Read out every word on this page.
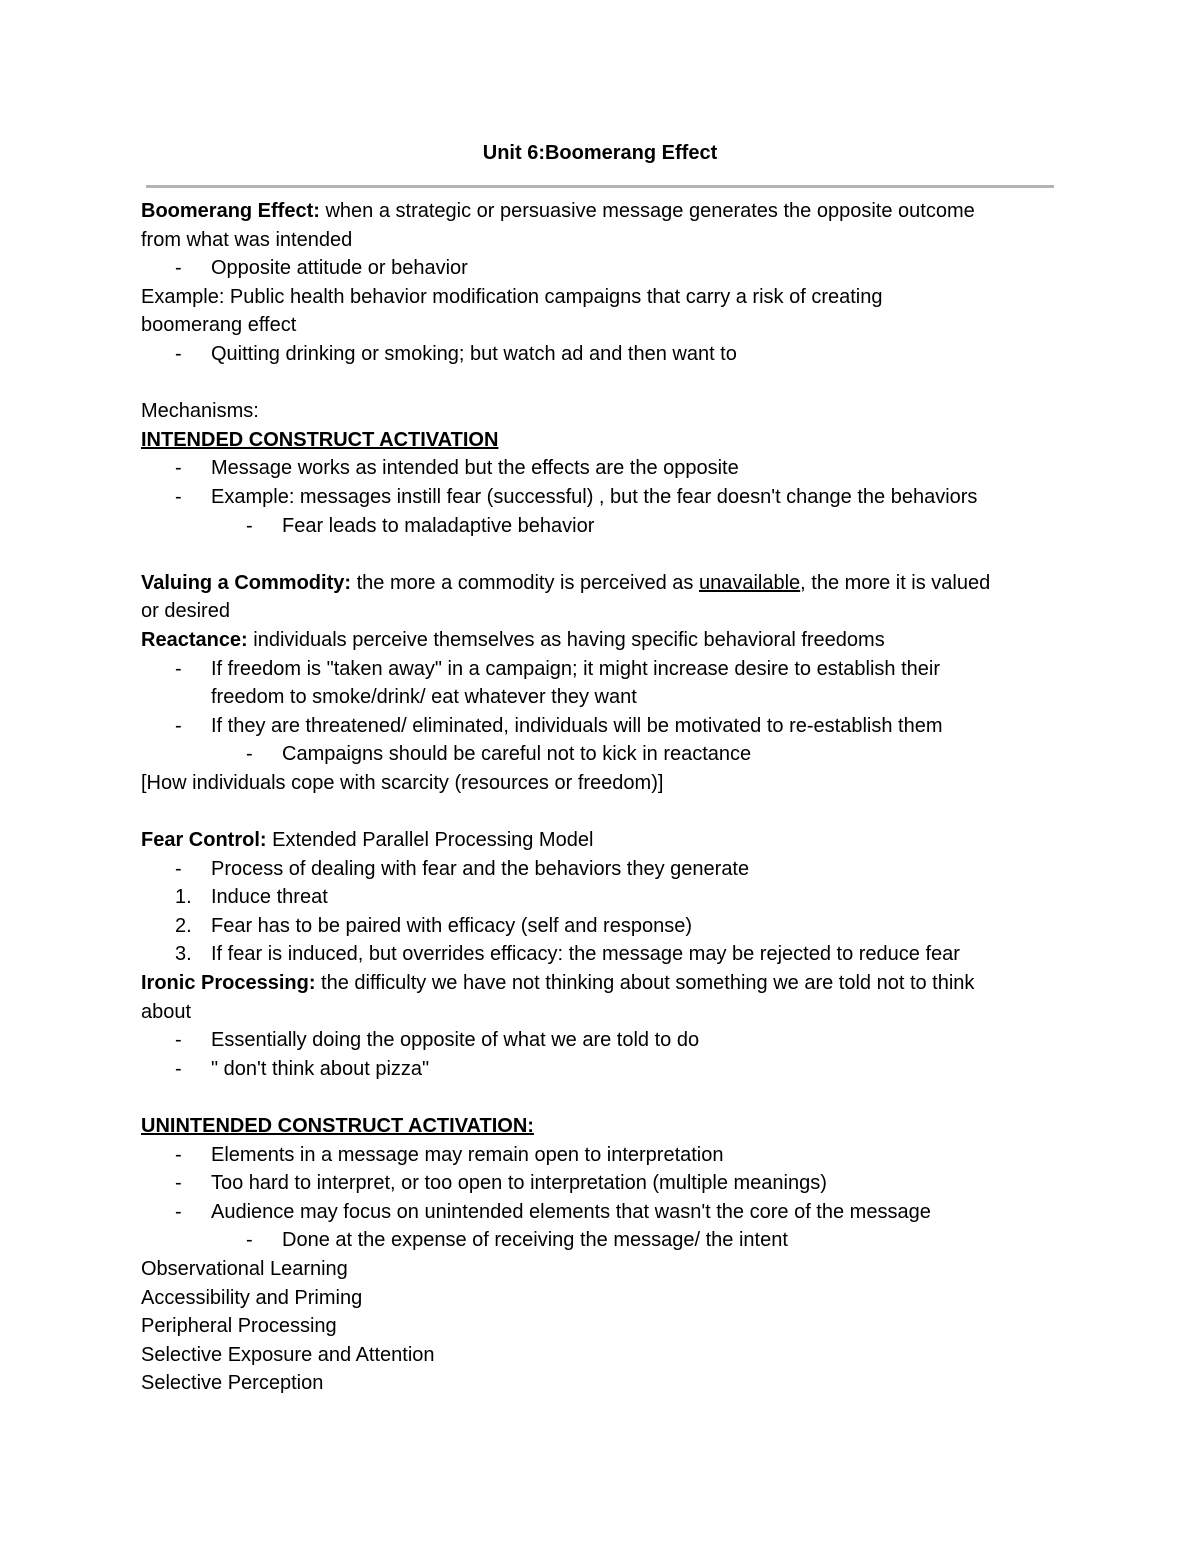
Unit 6:Boomerang Effect
Boomerang Effect: when a strategic or persuasive message generates the opposite outcome
from what was intended
- Opposite attitude or behavior
Example: Public health behavior modification campaigns that carry a risk of creating
boomerang effect
- Quitting drinking or smoking; but watch ad and then want to
Mechanisms:
INTENDED CONSTRUCT ACTIVATION
- Message works as intended but the effects are the opposite
- Example: messages instill fear (successful) , but the fear doesn't change the behaviors
- Fear leads to maladaptive behavior
Valuing a Commodity: the more a commodity is perceived as unavailable, the more it is valued
or desired
Reactance: individuals perceive themselves as having specific behavioral freedoms
- If freedom is "taken away" in a campaign; it might increase desire to establish their
freedom to smoke/drink/ eat whatever they want
- If they are threatened/ eliminated, individuals will be motivated to re-establish them
- Campaigns should be careful not to kick in reactance
[How individuals cope with scarcity (resources or freedom)]
Fear Control: Extended Parallel Processing Model
- Process of dealing with fear and the behaviors they generate
1. Induce threat
2. Fear has to be paired with efficacy (self and response)
3. If fear is induced, but overrides efficacy: the message may be rejected to reduce fear
Ironic Processing: the difficulty we have not thinking about something we are told not to think
about
- Essentially doing the opposite of what we are told to do
- " don't think about pizza"
UNINTENDED CONSTRUCT ACTIVATION:
- Elements in a message may remain open to interpretation
- Too hard to interpret, or too open to interpretation (multiple meanings)
- Audience may focus on unintended elements that wasn't the core of the message
- Done at the expense of receiving the message/ the intent
Observational Learning
Accessibility and Priming
Peripheral Processing
Selective Exposure and Attention
Selective Perception
